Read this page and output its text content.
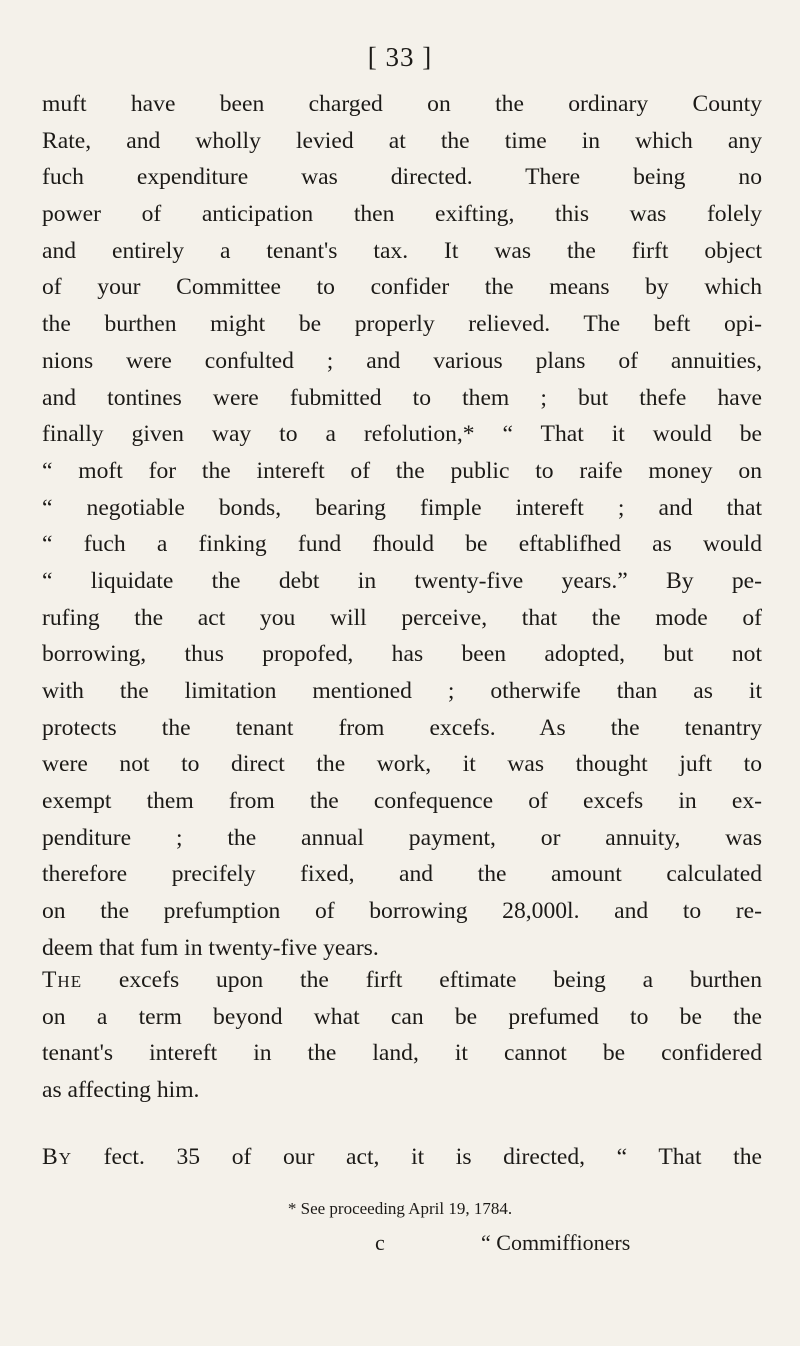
[ 33 ]
muft have been charged on the ordinary County
Rate, and wholly levied at the time in which any
fuch expenditure was directed. There being no
power of anticipation then exifting, this was folely
and entirely a tenant's tax. It was the firft object
of your Committee to confider the means by which
the burthen might be properly relieved. The beft opi-
nions were confulted ; and various plans of annuities,
and tontines were fubmitted to them ; but thefe have
finally given way to a refolution,* “ That it would be
“ moft for the intereft of the public to raife money on
“ negotiable bonds, bearing fimple intereft ; and that
“ fuch a finking fund fhould be eftablifhed as would
“ liquidate the debt in twenty-five years.” By pe-
rufing the act you will perceive, that the mode of
borrowing, thus propofed, has been adopted, but not
with the limitation mentioned ; otherwife than as it
protects the tenant from excefs. As the tenantry
were not to direct the work, it was thought juft to
exempt them from the confequence of excefs in ex-
penditure ; the annual payment, or annuity, was
therefore precifely fixed, and the amount calculated
on the prefumption of borrowing 28,000l. and to re-
deem that fum in twenty-five years.
The excefs upon the firft eftimate being a burthen
on a term beyond what can be prefumed to be the
tenant's intereft in the land, it cannot be confidered
as affecting him.
By fect. 35 of our act, it is directed, “ That the
* See proceeding April 19, 1784.
c	“ Commiffioners
